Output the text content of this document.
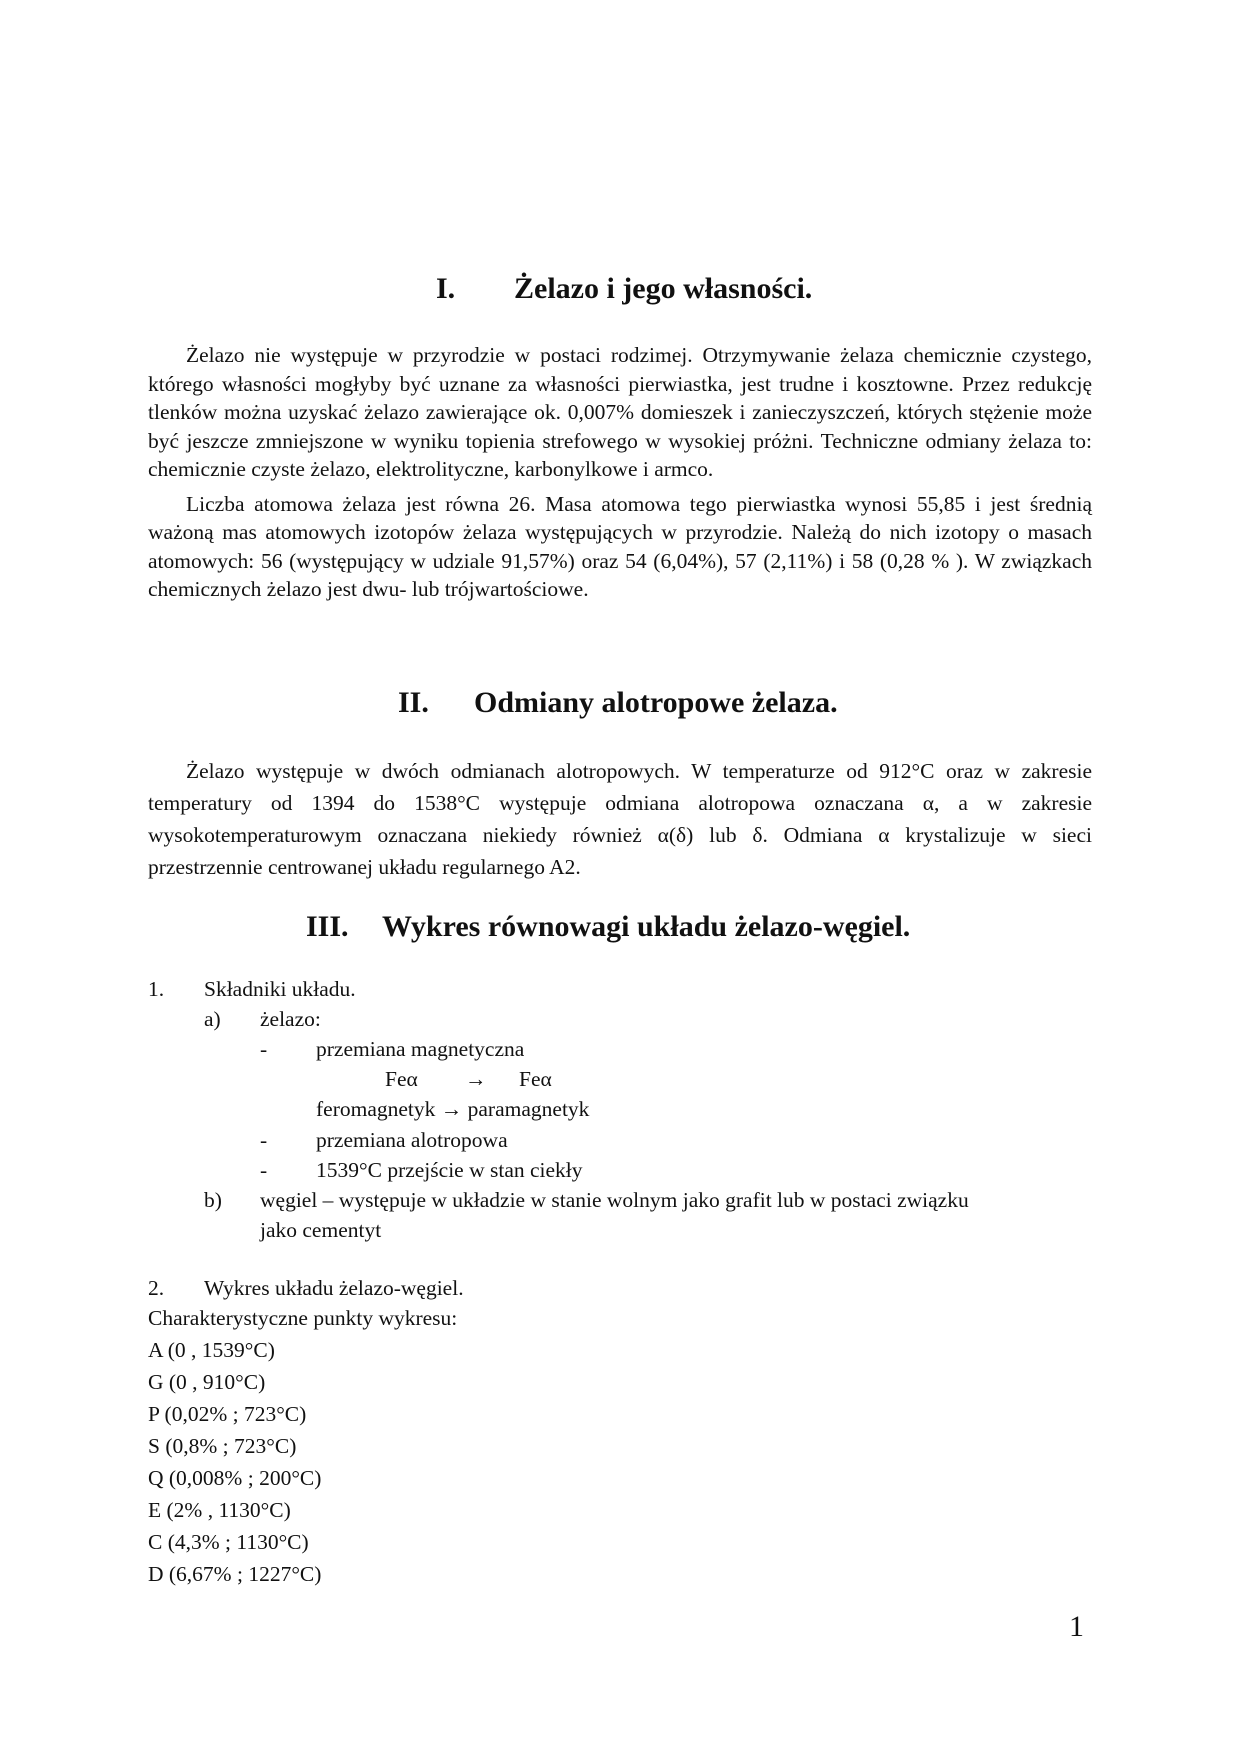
I. Żelazo i jego własności.

Żelazo nie występuje w przyrodzie w postaci rodzimej. Otrzymywanie żelaza chemicznie czystego, którego własności mogłyby być uznane za własności pierwiastka, jest trudne i kosztowne. Przez redukcję tlenków można uzyskać żelazo zawierające ok. 0,007% domieszek i zanieczyszczeń, których stężenie może być jeszcze zmniejszone w wyniku topienia strefowego w wysokiej próżni. Techniczne odmiany żelaza to: chemicznie czyste żelazo, elektrolityczne, karbonylkowe i armco.

Liczba atomowa żelaza jest równa 26. Masa atomowa tego pierwiastka wynosi 55,85 i jest średnią ważoną mas atomowych izotopów żelaza występujących w przyrodzie. Należą do nich izotopy o masach atomowych: 56 (występujący w udziale 91,57%) oraz 54 (6,04%), 57 (2,11%) i 58 (0,28 % ). W związkach chemicznych żelazo jest dwu- lub trójwartościowe.

II. Odmiany alotropowe żelaza.

Żelazo występuje w dwóch odmianach alotropowych. W temperaturze od 912°C oraz w zakresie temperatury od 1394 do 1538°C występuje odmiana alotropowa oznaczana α, a w zakresie wysokotemperaturowym oznaczana niekiedy również α(δ) lub δ. Odmiana α krystalizuje w sieci przestrzennie centrowanej układu regularnego A2.

III. Wykres równowagi układu żelazo-węgiel.
1. Składniki układu.
a) żelazo:
- przemiana magnetyczna
Feα → Feα
feromagnetyk → paramagnetyk
- przemiana alotropowa
- 1539°C przejście w stan ciekły
b) węgiel – występuje w układzie w stanie wolnym jako grafit lub w postaci związku
jako cementyt
2. Wykres układu żelazo-węgiel.
Charakterystyczne punkty wykresu:
A (0 , 1539°C)
G (0 , 910°C)
P (0,02% ; 723°C)
S (0,8% ; 723°C)
Q (0,008% ; 200°C)
E (2% , 1130°C)
C (4,3% ; 1130°C)
D (6,67% ; 1227°C)
1
